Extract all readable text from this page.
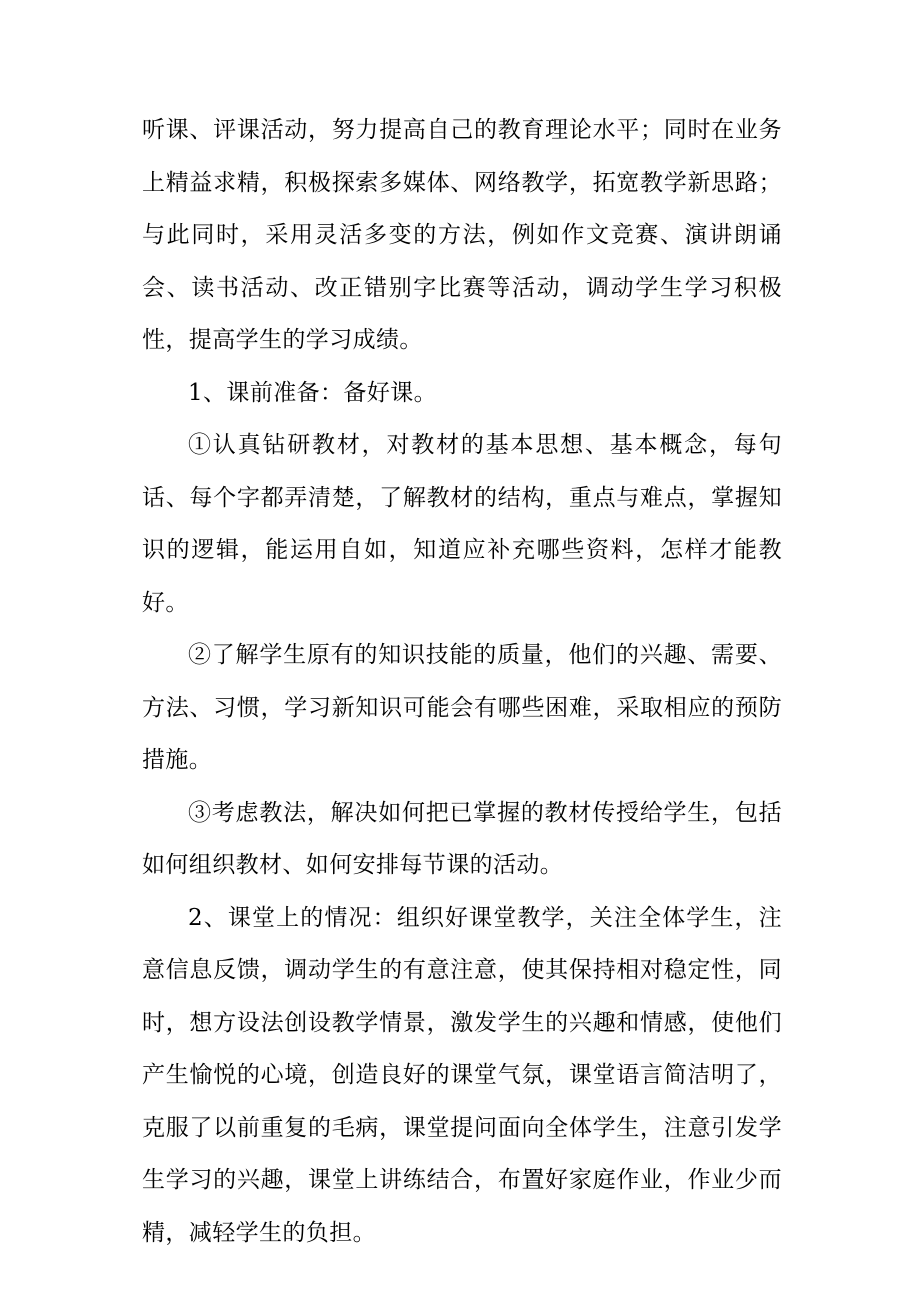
听课、评课活动，努力提高自己的教育理论水平；同时在业务上精益求精，积极探索多媒体、网络教学，拓宽教学新思路；与此同时，采用灵活多变的方法，例如作文竞赛、演讲朗诵会、读书活动、改正错别字比赛等活动，调动学生学习积极性，提高学生的学习成绩。

1、课前准备：备好课。

①认真钻研教材，对教材的基本思想、基本概念，每句话、每个字都弄清楚，了解教材的结构，重点与难点，掌握知识的逻辑，能运用自如，知道应补充哪些资料，怎样才能教好。

②了解学生原有的知识技能的质量，他们的兴趣、需要、方法、习惯，学习新知识可能会有哪些困难，采取相应的预防措施。

③考虑教法，解决如何把已掌握的教材传授给学生，包括如何组织教材、如何安排每节课的活动。

2、课堂上的情况：组织好课堂教学，关注全体学生，注意信息反馈，调动学生的有意注意，使其保持相对稳定性，同时，想方设法创设教学情景，激发学生的兴趣和情感，使他们产生愉悦的心境，创造良好的课堂气氛，课堂语言简洁明了，克服了以前重复的毛病，课堂提问面向全体学生，注意引发学生学习的兴趣，课堂上讲练结合，布置好家庭作业，作业少而精，减轻学生的负担。
